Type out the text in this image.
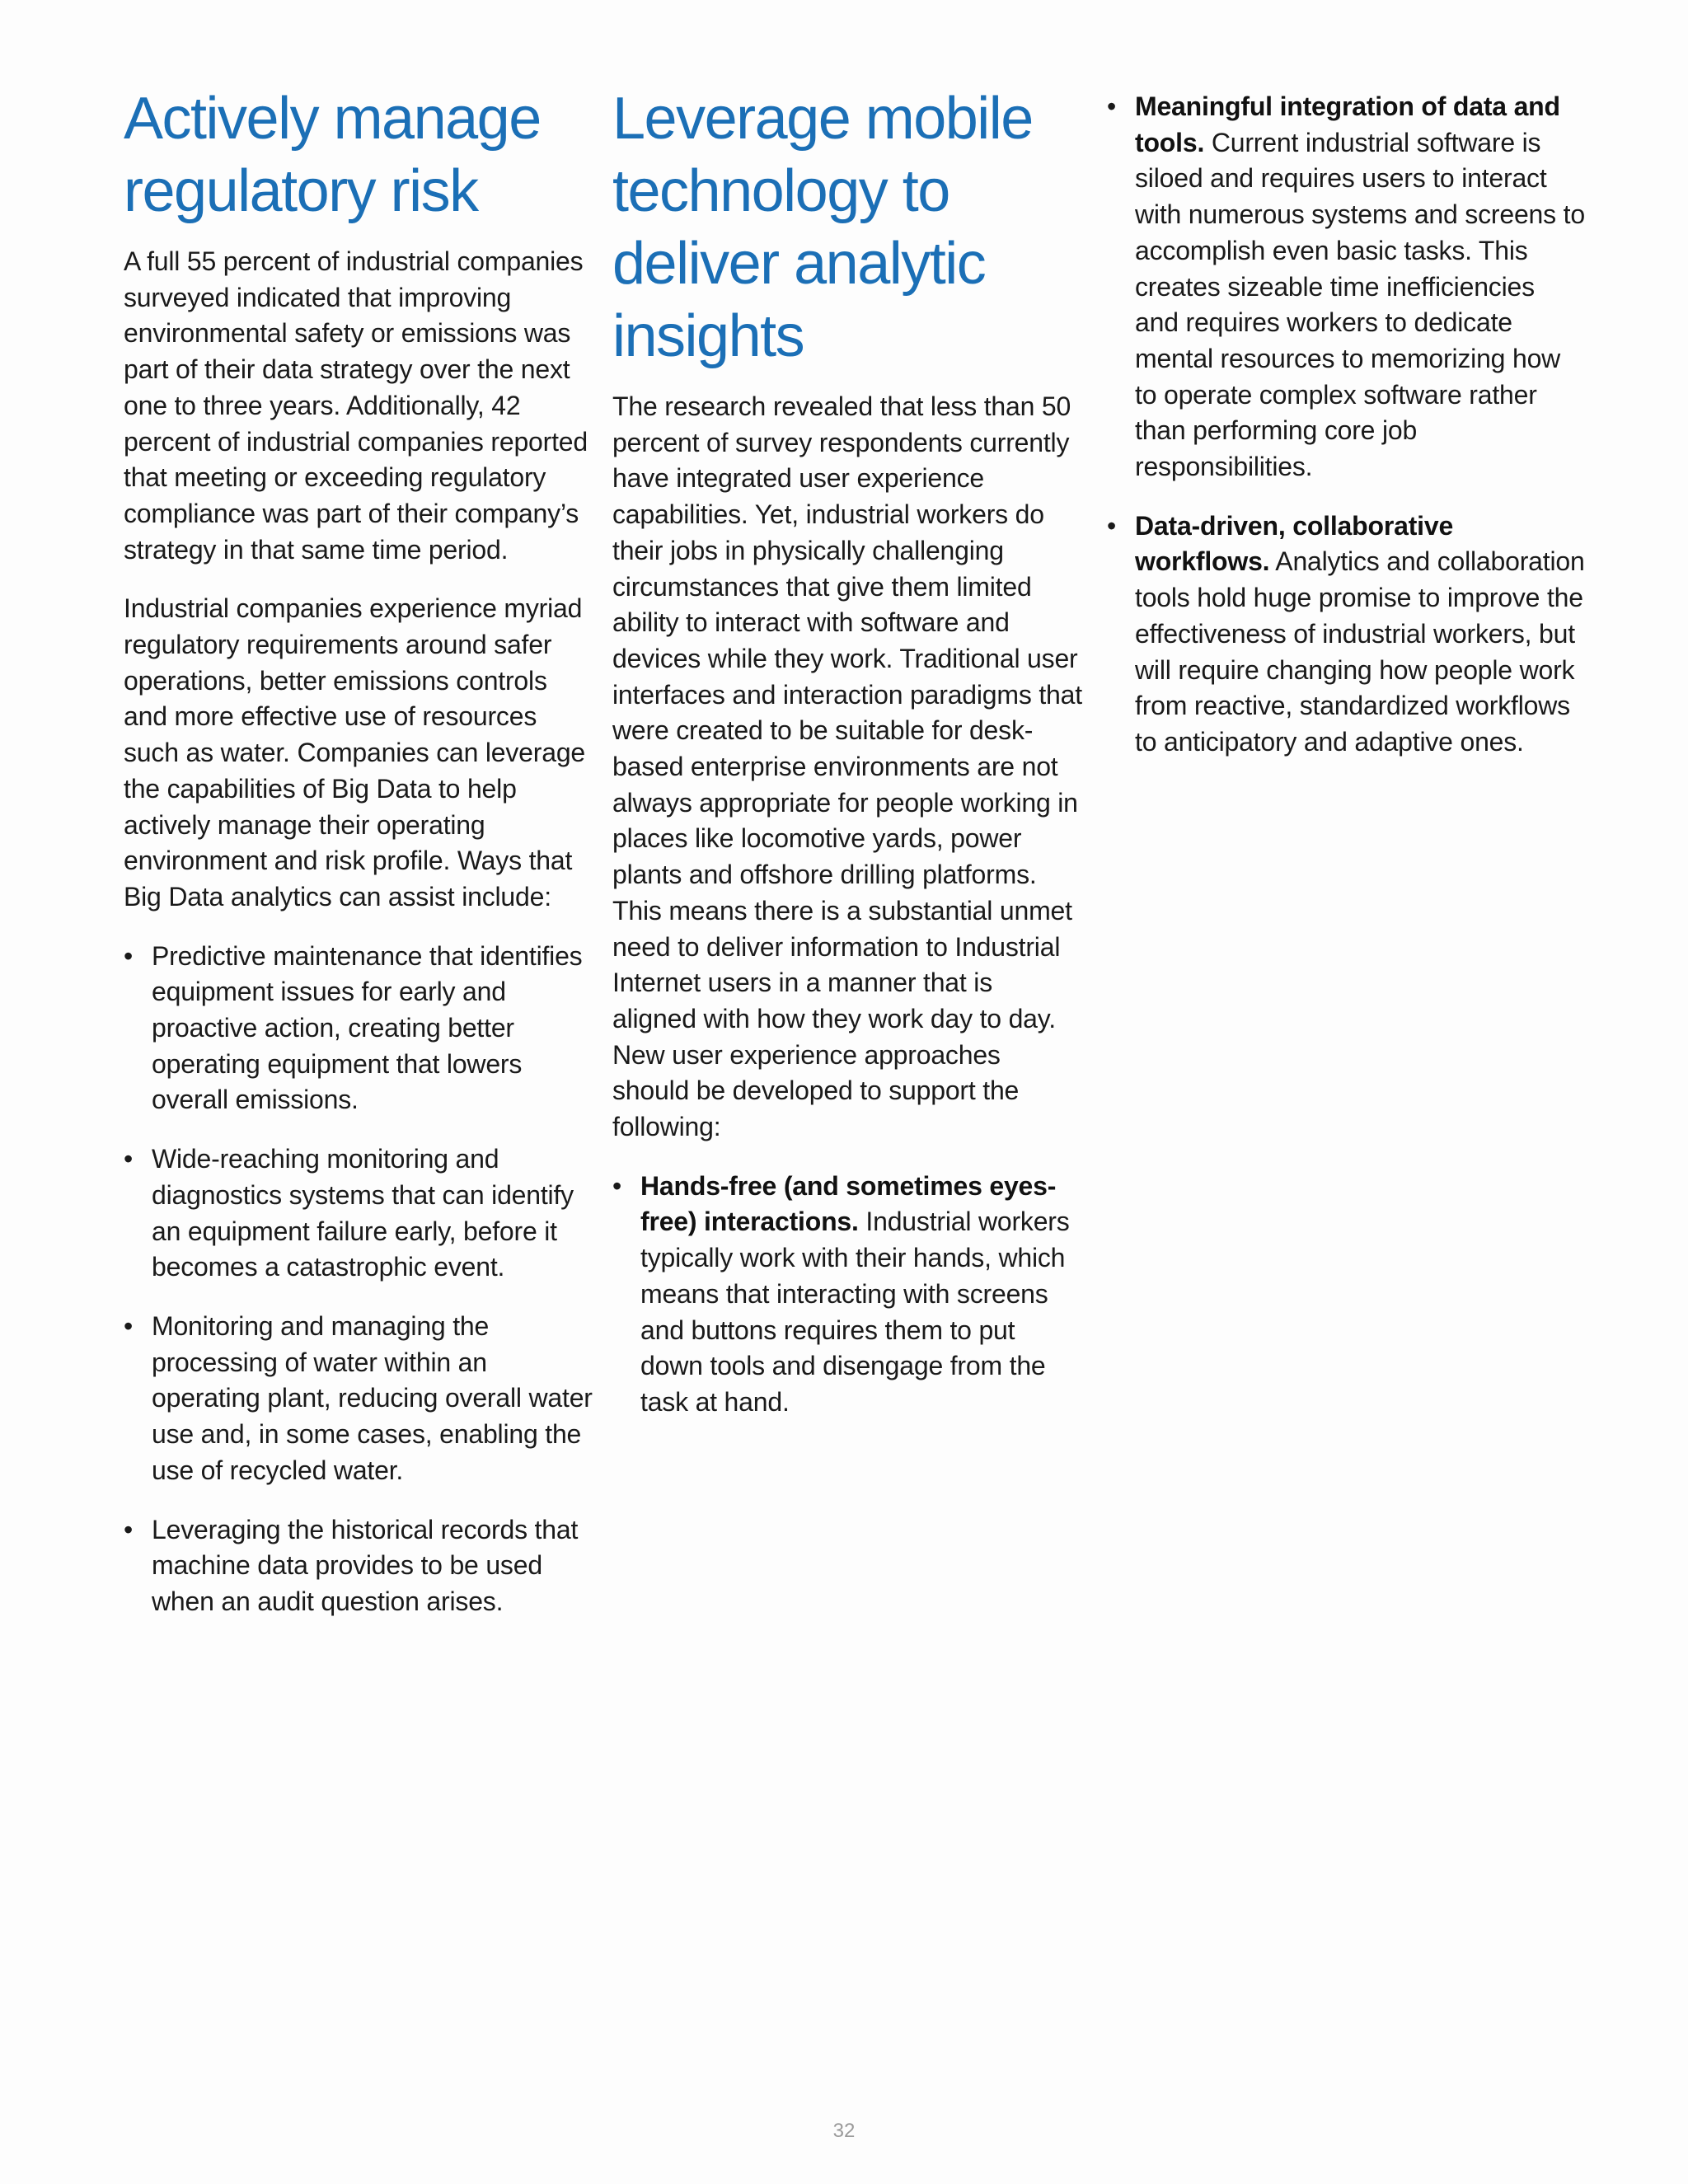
Actively manage regulatory risk

A full 55 percent of industrial companies surveyed indicated that improving environmental safety or emissions was part of their data strategy over the next one to three years. Additionally, 42 percent of industrial companies reported that meeting or exceeding regulatory compliance was part of their company’s strategy in that same time period.

Industrial companies experience myriad regulatory requirements around safer operations, better emissions controls and more effective use of resources such as water. Companies can leverage the capabilities of Big Data to help actively manage their operating environment and risk profile. Ways that Big Data analytics can assist include:

• Predictive maintenance that identifies equipment issues for early and proactive action, creating better operating equipment that lowers overall emissions.
• Wide-reaching monitoring and diagnostics systems that can identify an equipment failure early, before it becomes a catastrophic event.
• Monitoring and managing the processing of water within an operating plant, reducing overall water use and, in some cases, enabling the use of recycled water.
• Leveraging the historical records that machine data provides to be used when an audit question arises.
Leverage mobile technology to deliver analytic insights

The research revealed that less than 50 percent of survey respondents currently have integrated user experience capabilities. Yet, industrial workers do their jobs in physically challenging circumstances that give them limited ability to interact with software and devices while they work. Traditional user interfaces and interaction paradigms that were created to be suitable for desk-based enterprise environments are not always appropriate for people working in places like locomotive yards, power plants and offshore drilling platforms. This means there is a substantial unmet need to deliver information to Industrial Internet users in a manner that is aligned with how they work day to day. New user experience approaches should be developed to support the following:

• Hands-free (and sometimes eyes-free) interactions. Industrial workers typically work with their hands, which means that interacting with screens and buttons requires them to put down tools and disengage from the task at hand.
• Meaningful integration of data and tools. Current industrial software is siloed and requires users to interact with numerous systems and screens to accomplish even basic tasks. This creates sizeable time inefficiencies and requires workers to dedicate mental resources to memorizing how to operate complex software rather than performing core job responsibilities.
• Data-driven, collaborative workflows. Analytics and collaboration tools hold huge promise to improve the effectiveness of industrial workers, but will require changing how people work from reactive, standardized workflows to anticipatory and adaptive ones.
32
